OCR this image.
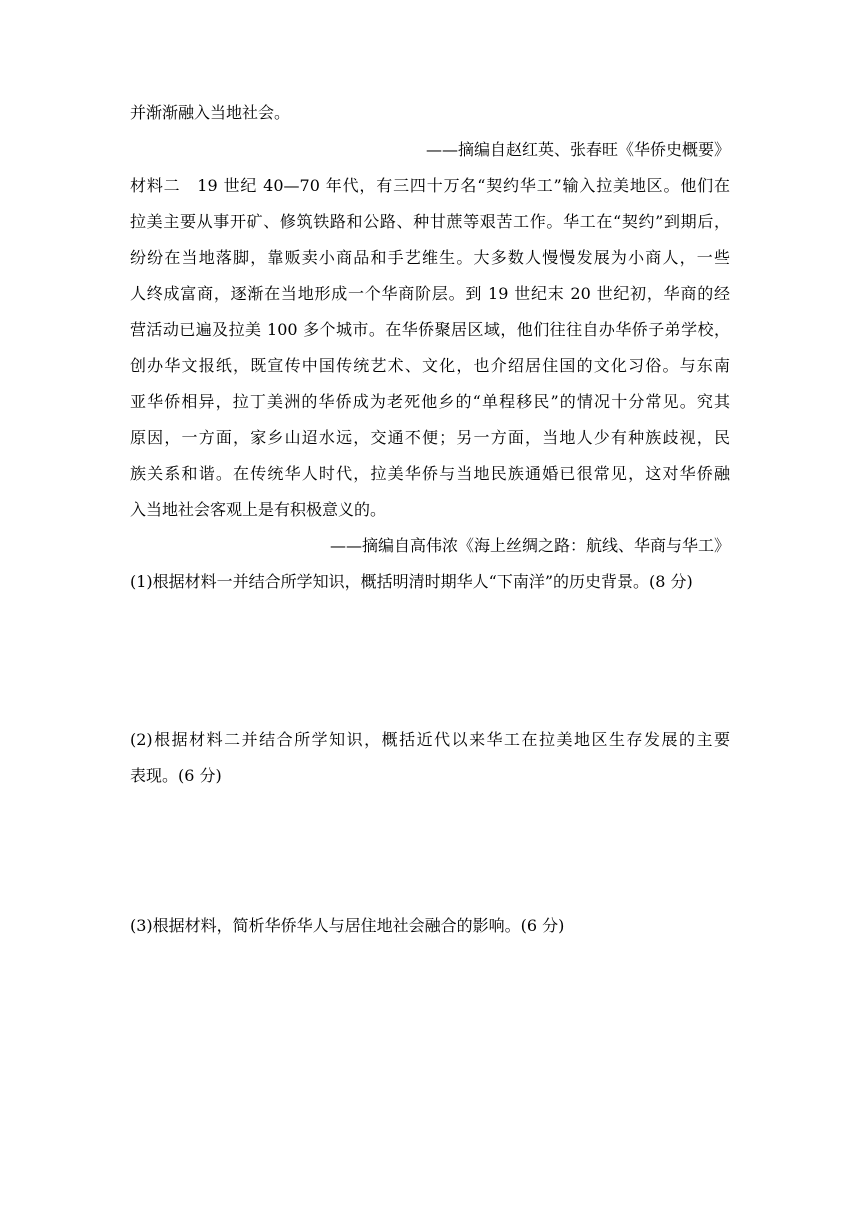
并渐渐融入当地社会。
——摘编自赵红英、张春旺《华侨史概要》
材料二　19 世纪 40—70 年代，有三四十万名“契约华工”输入拉美地区。他们在
拉美主要从事开矿、修筑铁路和公路、种甘蔗等艰苦工作。华工在“契约”到期后，
纷纷在当地落脚，靠贩卖小商品和手艺维生。大多数人慢慢发展为小商人，一些
人终成富商，逐渐在当地形成一个华商阶层。到 19 世纪末 20 世纪初，华商的经
营活动已遍及拉美 100 多个城市。在华侨聚居区域，他们往往自办华侨子弟学校，
创办华文报纸，既宣传中国传统艺术、文化，也介绍居住国的文化习俗。与东南
亚华侨相异，拉丁美洲的华侨成为老死他乡的“单程移民”的情况十分常见。究其
原因，一方面，家乡山迢水远，交通不便；另一方面，当地人少有种族歧视，民
族关系和谐。在传统华人时代，拉美华侨与当地民族通婚已很常见，这对华侨融
入当地社会客观上是有积极意义的。
——摘编自高伟浓《海上丝绸之路：航线、华商与华工》
(1)根据材料一并结合所学知识，概括明清时期华人“下南洋”的历史背景。(8 分)
(2)根据材料二并结合所学知识，概括近代以来华工在拉美地区生存发展的主要
表现。(6 分)
(3)根据材料，简析华侨华人与居住地社会融合的影响。(6 分)
